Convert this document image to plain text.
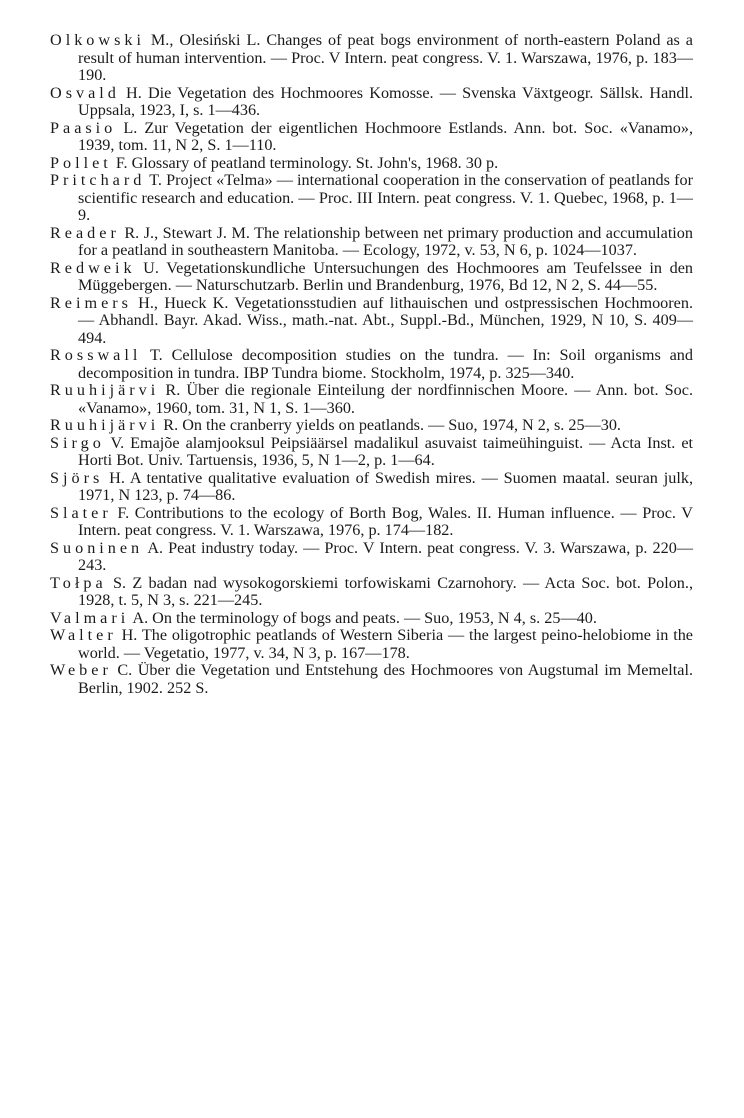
Olkowski M., Olesiński L. Changes of peat bogs environment of north-eastern Poland as a result of human intervention. — Proc. V Intern. peat congress. V. 1. Warszawa, 1976, p. 183—190.
Osvald H. Die Vegetation des Hochmoores Komosse. — Svenska Växtgeogr. Sällsk. Handl. Uppsala, 1923, I, s. 1—436.
Paasio L. Zur Vegetation der eigentlichen Hochmoore Estlands. Ann. bot. Soc. «Vanamo», 1939, tom. 11, N 2, S. 1—110.
Pollet F. Glossary of peatland terminology. St. John's, 1968. 30 p.
Pritchard T. Project «Telma» — international cooperation in the conservation of peatlands for scientific research and education. — Proc. III Intern. peat congress. V. 1. Quebec, 1968, p. 1—9.
Reader R. J., Stewart J. M. The relationship between net primary production and accumulation for a peatland in southeastern Manitoba. — Ecology, 1972, v. 53, N 6, p. 1024—1037.
Redweik U. Vegetationskundliche Untersuchungen des Hochmoores am Teufelssee in den Müggebergen. — Naturschutzarb. Berlin und Brandenburg, 1976, Bd 12, N 2, S. 44—55.
Reimers H., Hueck K. Vegetationsstudien auf lithauischen und ostpressischen Hochmooren. — Abhandl. Bayr. Akad. Wiss., math.-nat. Abt., Suppl.-Bd., München, 1929, N 10, S. 409—494.
Rosswall T. Cellulose decomposition studies on the tundra. — In: Soil organisms and decomposition in tundra. IBP Tundra biome. Stockholm, 1974, p. 325—340.
Ruuhijärvi R. Über die regionale Einteilung der nordfinnischen Moore. — Ann. bot. Soc. «Vanamo», 1960, tom. 31, N 1, S. 1—360.
Ruuhijärvi R. On the cranberry yields on peatlands. — Suo, 1974, N 2, s. 25—30.
Sirgo V. Emajõe alamjooksul Peipsiäärsel madalikul asuvaist taimeühinguist. — Acta Inst. et Horti Bot. Univ. Tartuensis, 1936, 5, N 1—2, p. 1—64.
Sjörs H. A tentative qualitative evaluation of Swedish mires. — Suomen maatal. seuran julk, 1971, N 123, p. 74—86.
Slater F. Contributions to the ecology of Borth Bog, Wales. II. Human influence. — Proc. V Intern. peat congress. V. 1. Warszawa, 1976, p. 174—182.
Suoninen A. Peat industry today. — Proc. V Intern. peat congress. V. 3. Warszawa, p. 220—243.
Tołpa S. Z badan nad wysokogorskiemi torfowiskami Czarnohory. — Acta Soc. bot. Polon., 1928, t. 5, N 3, s. 221—245.
Valmari A. On the terminology of bogs and peats. — Suo, 1953, N 4, s. 25—40.
Walter H. The oligotrophic peatlands of Western Siberia — the largest peino-helobiome in the world. — Vegetatio, 1977, v. 34, N 3, p. 167—178.
Weber C. Über die Vegetation und Entstehung des Hochmoores von Augstumal im Memeltal. Berlin, 1902. 252 S.
